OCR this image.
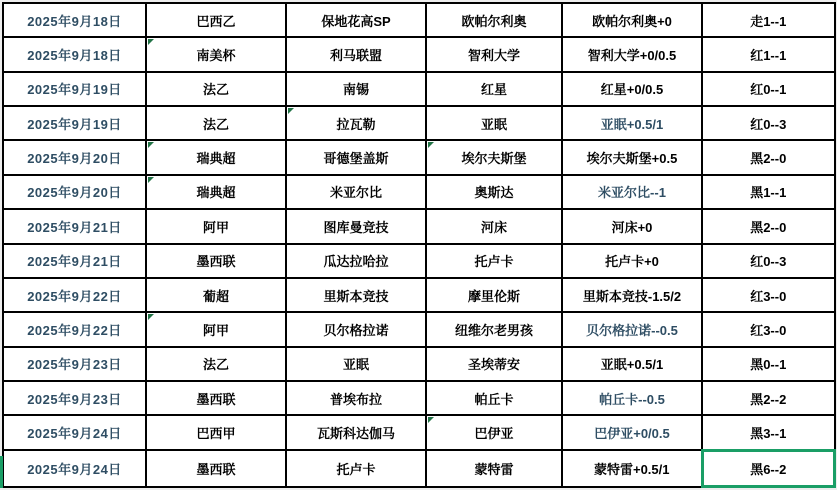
2025年9月18日	巴西乙	保地花高SP	欧帕尔利奥	欧帕尔利奥+0	走1--1
2025年9月18日	南美杯	利马联盟	智利大学	智利大学+0/0.5	红1--1
2025年9月19日	法乙	南锡	红星	红星+0/0.5	红0--1
2025年9月19日	法乙	拉瓦勒	亚眠	亚眠+0.5/1	红0--3
2025年9月20日	瑞典超	哥德堡盖斯	埃尔夫斯堡	埃尔夫斯堡+0.5	黑2--0
2025年9月20日	瑞典超	米亚尔比	奥斯达	米亚尔比--1	黑1--1
2025年9月21日	阿甲	图库曼竞技	河床	河床+0	黑2--0
2025年9月21日	墨西联	瓜达拉哈拉	托卢卡	托卢卡+0	红0--3
2025年9月22日	葡超	里斯本竞技	摩里伦斯	里斯本竞技-1.5/2	红3--0
2025年9月22日	阿甲	贝尔格拉诺	纽维尔老男孩	贝尔格拉诺--0.5	红3--0
2025年9月23日	法乙	亚眠	圣埃蒂安	亚眠+0.5/1	黑0--1
2025年9月23日	墨西联	普埃布拉	帕丘卡	帕丘卡--0.5	黑2--2
2025年9月24日	巴西甲	瓦斯科达伽马	巴伊亚	巴伊亚+0/0.5	黑3--1
2025年9月24日	墨西联	托卢卡	蒙特雷	蒙特雷+0.5/1	黑6--2
